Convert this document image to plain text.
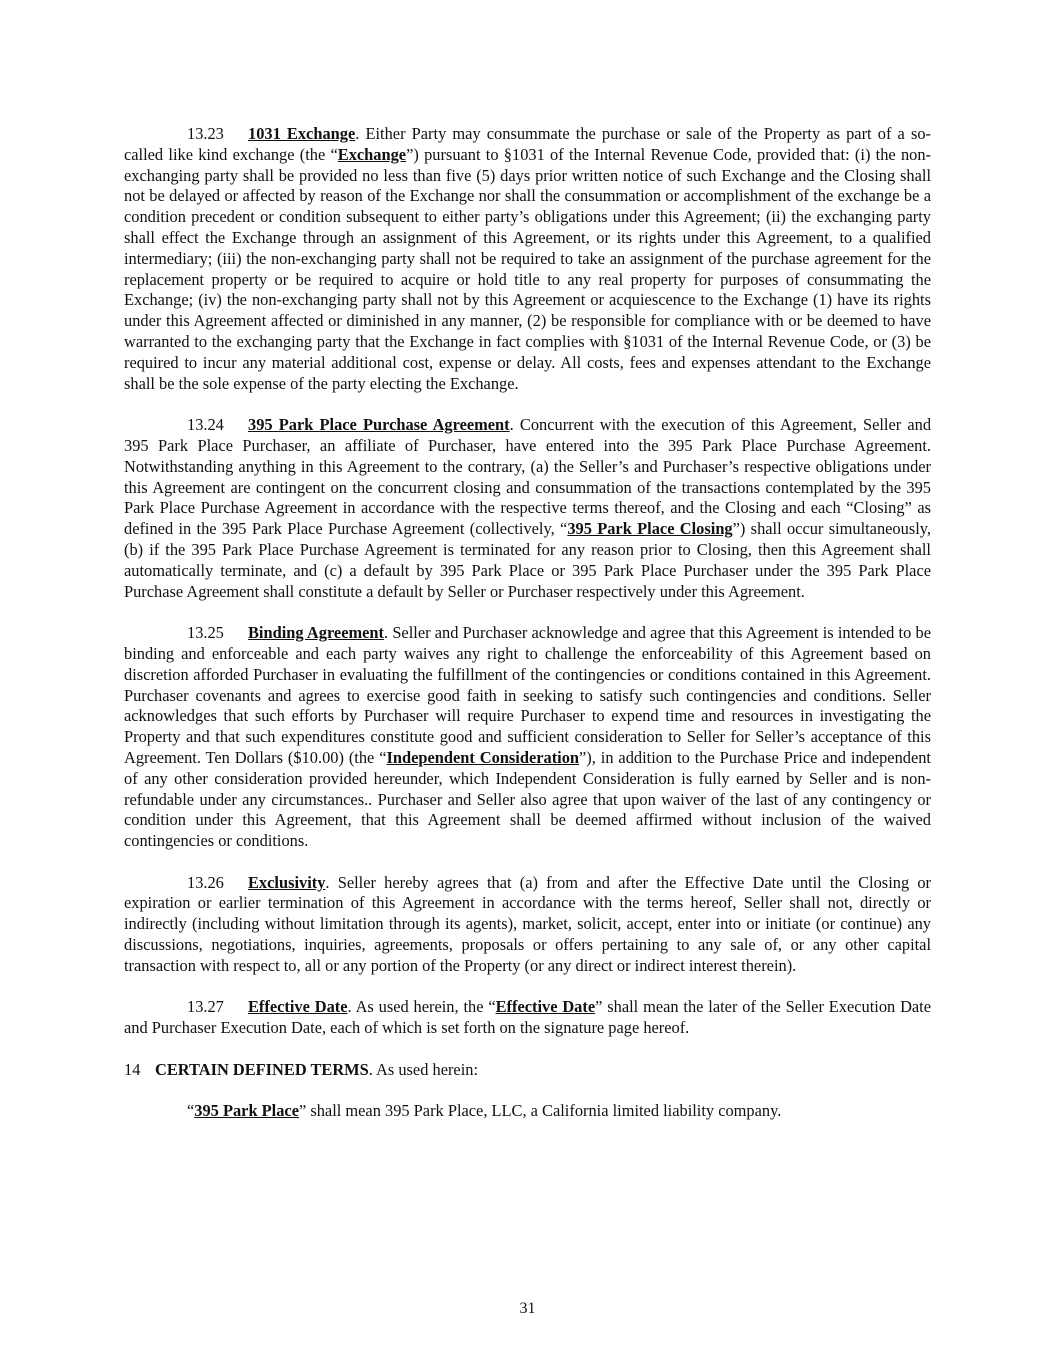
13.23 1031 Exchange. Either Party may consummate the purchase or sale of the Property as part of a so-called like kind exchange (the “Exchange”) pursuant to §1031 of the Internal Revenue Code, provided that: (i) the non-exchanging party shall be provided no less than five (5) days prior written notice of such Exchange and the Closing shall not be delayed or affected by reason of the Exchange nor shall the consummation or accomplishment of the exchange be a condition precedent or condition subsequent to either party’s obligations under this Agreement; (ii) the exchanging party shall effect the Exchange through an assignment of this Agreement, or its rights under this Agreement, to a qualified intermediary; (iii) the non-exchanging party shall not be required to take an assignment of the purchase agreement for the replacement property or be required to acquire or hold title to any real property for purposes of consummating the Exchange; (iv) the non-exchanging party shall not by this Agreement or acquiescence to the Exchange (1) have its rights under this Agreement affected or diminished in any manner, (2) be responsible for compliance with or be deemed to have warranted to the exchanging party that the Exchange in fact complies with §1031 of the Internal Revenue Code, or (3) be required to incur any material additional cost, expense or delay. All costs, fees and expenses attendant to the Exchange shall be the sole expense of the party electing the Exchange.

13.24 395 Park Place Purchase Agreement. Concurrent with the execution of this Agreement, Seller and 395 Park Place Purchaser, an affiliate of Purchaser, have entered into the 395 Park Place Purchase Agreement. Notwithstanding anything in this Agreement to the contrary, (a) the Seller’s and Purchaser’s respective obligations under this Agreement are contingent on the concurrent closing and consummation of the transactions contemplated by the 395 Park Place Purchase Agreement in accordance with the respective terms thereof, and the Closing and each “Closing” as defined in the 395 Park Place Purchase Agreement (collectively, “395 Park Place Closing”) shall occur simultaneously, (b) if the 395 Park Place Purchase Agreement is terminated for any reason prior to Closing, then this Agreement shall automatically terminate, and (c) a default by 395 Park Place or 395 Park Place Purchaser under the 395 Park Place Purchase Agreement shall constitute a default by Seller or Purchaser respectively under this Agreement.

13.25 Binding Agreement. Seller and Purchaser acknowledge and agree that this Agreement is intended to be binding and enforceable and each party waives any right to challenge the enforceability of this Agreement based on discretion afforded Purchaser in evaluating the fulfillment of the contingencies or conditions contained in this Agreement. Purchaser covenants and agrees to exercise good faith in seeking to satisfy such contingencies and conditions. Seller acknowledges that such efforts by Purchaser will require Purchaser to expend time and resources in investigating the Property and that such expenditures constitute good and sufficient consideration to Seller for Seller’s acceptance of this Agreement. Ten Dollars ($10.00) (the “Independent Consideration”), in addition to the Purchase Price and independent of any other consideration provided hereunder, which Independent Consideration is fully earned by Seller and is non-refundable under any circumstances.. Purchaser and Seller also agree that upon waiver of the last of any contingency or condition under this Agreement, that this Agreement shall be deemed affirmed without inclusion of the waived contingencies or conditions.

13.26 Exclusivity. Seller hereby agrees that (a) from and after the Effective Date until the Closing or expiration or earlier termination of this Agreement in accordance with the terms hereof, Seller shall not, directly or indirectly (including without limitation through its agents), market, solicit, accept, enter into or initiate (or continue) any discussions, negotiations, inquiries, agreements, proposals or offers pertaining to any sale of, or any other capital transaction with respect to, all or any portion of the Property (or any direct or indirect interest therein).

13.27 Effective Date. As used herein, the “Effective Date” shall mean the later of the Seller Execution Date and Purchaser Execution Date, each of which is set forth on the signature page hereof.

14 CERTAIN DEFINED TERMS. As used herein:

“395 Park Place” shall mean 395 Park Place, LLC, a California limited liability company.

31
